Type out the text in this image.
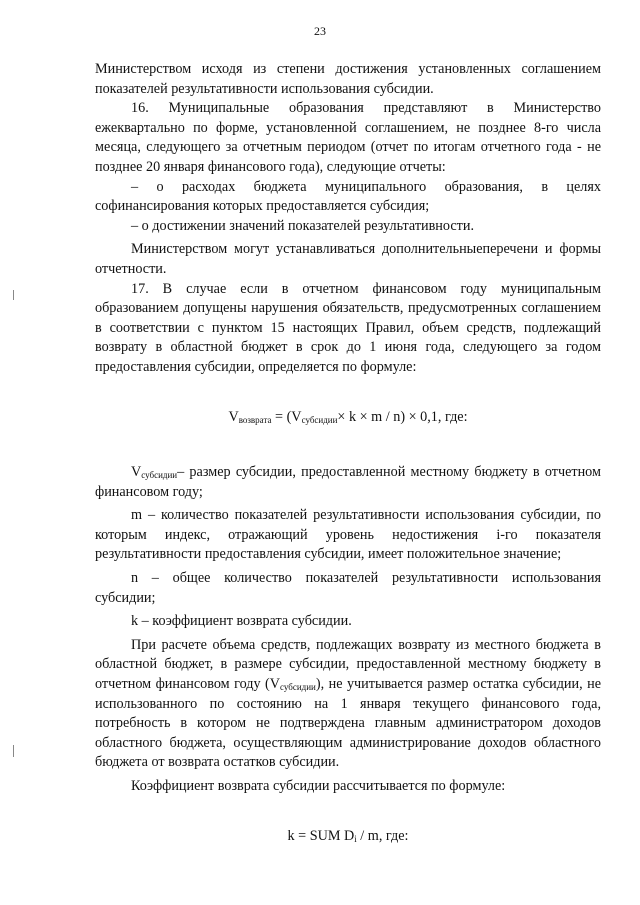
23

Министерством исходя из степени достижения установленных соглашением показателей результативности использования субсидии.

16. Муниципальные образования представляют в Министерство ежеквартально по форме, установленной соглашением, не позднее 8-го числа месяца, следующего за отчетным периодом (отчет по итогам отчетного года - не позднее 20 января финансового года), следующие отчеты:

– о расходах бюджета муниципального образования, в целях софинансирования которых предоставляется субсидия;

– о достижении значений показателей результативности.

Министерством могут устанавливаться дополнительныеперечени и формы отчетности.

17. В случае если в отчетном финансовом году муниципальным образованием допущены нарушения обязательств, предусмотренных соглашением в соответствии с пунктом 15 настоящих Правил, объем средств, подлежащий возврату в областной бюджет в срок до 1 июня года, следующего за годом предоставления субсидии, определяется по формуле:

$V_{возврата} = (V_{субсидии}\times k \times m / n) \times 0,1$, где:

$V_{субсидии}-$ размер субсидии, предоставленной местному бюджету в отчетном финансовом году;

m – количество показателей результативности использования субсидии, по которым индекс, отражающий уровень недостижения i-го показателя результативности предоставления субсидии, имеет положительное значение;

n – общее количество показателей результативности использования субсидии;

k – коэффициент возврата субсидии.

При расчете объема средств, подлежащих возврату из местного бюджета в областной бюджет, в размере субсидии, предоставленной местному бюджету в отчетном финансовом году $(V_{субсидии})$, не учитывается размер остатка субсидии, не использованного по состоянию на 1 января текущего финансового года, потребность в котором не подтверждена главным администратором доходов областного бюджета, осуществляющим администрирование доходов областного бюджета от возврата остатков субсидии.

Коэффициент возврата субсидии рассчитывается по формуле:

k = SUM $D_i$ / m, где:
